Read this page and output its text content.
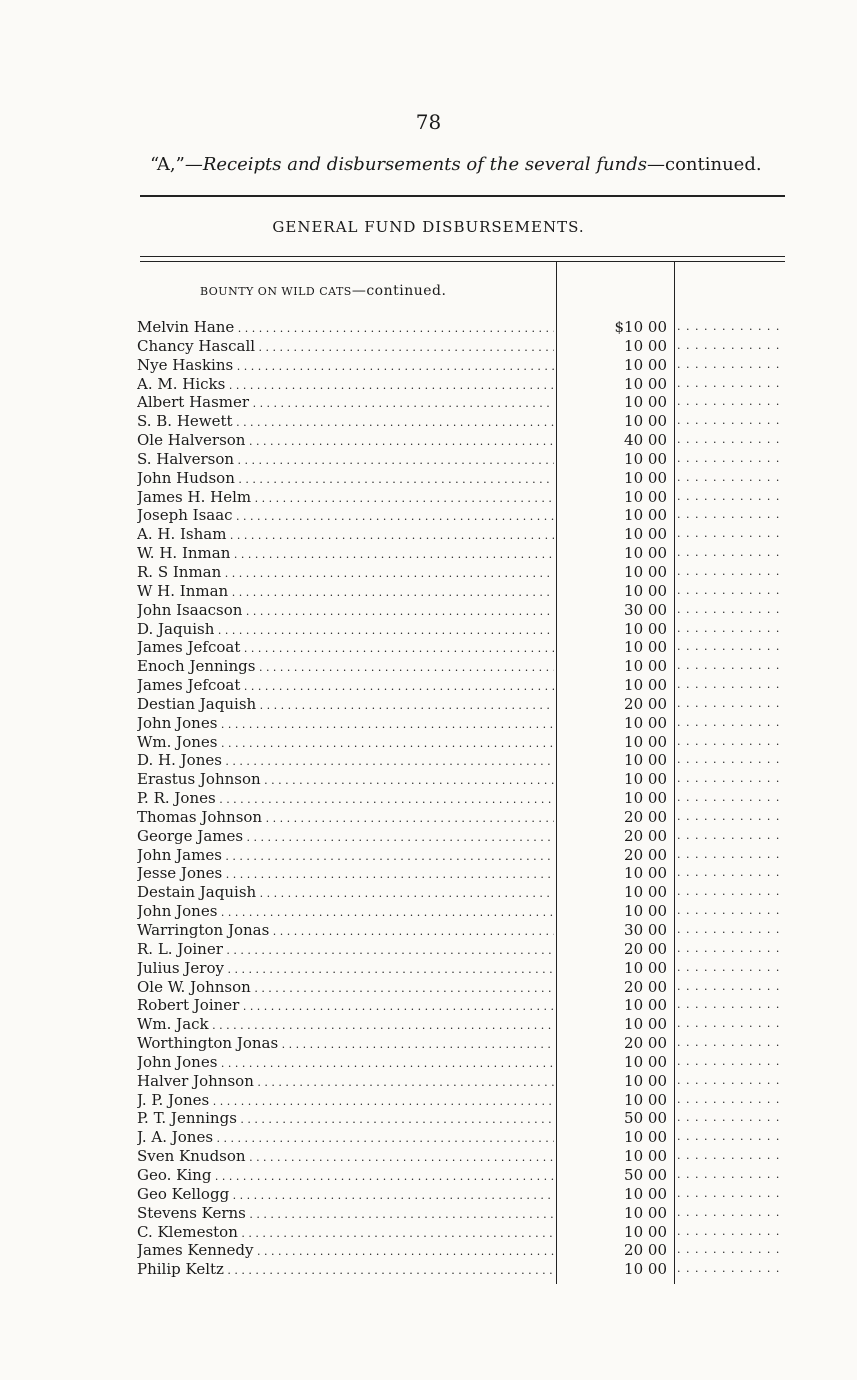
78
“A,”—Receipts and disbursements of the several funds—continued.
GENERAL FUND DISBURSEMENTS.
BOUNTY ON WILD CATS—continued.
Melvin Hane . . .	$10 00 . . . . . . . . . . . .
Chancy Hascall . . .	10 00 . . . . . . . . . . . .
Nye Haskins . . .	10 00 . . . . . . . . . . . .
A. M. Hicks . . .	10 00 . . . . . . . . . . . .
Albert Hasmer . . .	10 00 . . . . . . . . . . . .
S. B. Hewett . . .	10 00 . . . . . . . . . . . .
Ole Halverson . . .	40 00 . . . . . . . . . . . .
S. Halverson . . .	10 00 . . . . . . . . . . . .
John Hudson . . .	10 00 . . . . . . . . . . . .
James H. Helm . . .	10 00 . . . . . . . . . . . .
Joseph Isaac . . .	10 00 . . . . . . . . . . . .
A. H. Isham . . .	10 00 . . . . . . . . . . . .
W. H. Inman . . .	10 00 . . . . . . . . . . . .
R. S Inman . . .	10 00 . . . . . . . . . . . .
W H. Inman . . .	10 00 . . . . . . . . . . . .
John Isaacson . . .	30 00 . . . . . . . . . . . .
D. Jaquish . . .	10 00 . . . . . . . . . . . .
James Jefcoat . . .	10 00 . . . . . . . . . . . .
Enoch Jennings . . .	10 00 . . . . . . . . . . . .
James Jefcoat . . .	10 00 . . . . . . . . . . . .
Destian Jaquish . . .	20 00 . . . . . . . . . . . .
John Jones . . .	10 00 . . . . . . . . . . . .
Wm. Jones . . .	10 00 . . . . . . . . . . . .
D. H. Jones . . .	10 00 . . . . . . . . . . . .
Erastus Johnson . . .	10 00 . . . . . . . . . . . .
P. R. Jones . . .	10 00 . . . . . . . . . . . .
Thomas Johnson . . .	20 00 . . . . . . . . . . . .
George James . . .	20 00 . . . . . . . . . . . .
John James . . .	20 00 . . . . . . . . . . . .
Jesse Jones . . .	10 00 . . . . . . . . . . . .
Destain Jaquish . . .	10 00 . . . . . . . . . . . .
John Jones . . .	10 00 . . . . . . . . . . . .
Warrington Jonas . . .	30 00 . . . . . . . . . . . .
R. L. Joiner . . .	20 00 . . . . . . . . . . . .
Julius Jeroy . . .	10 00 . . . . . . . . . . . .
Ole W. Johnson . . .	20 00 . . . . . . . . . . . .
Robert Joiner . . .	10 00 . . . . . . . . . . . .
Wm. Jack . . .	10 00 . . . . . . . . . . . .
Worthington Jonas . . .	20 00 . . . . . . . . . . . .
John Jones . . .	10 00 . . . . . . . . . . . .
Halver Johnson . . .	10 00 . . . . . . . . . . . .
J. P. Jones . . .	10 00 . . . . . . . . . . . .
P. T. Jennings . . .	50 00 . . . . . . . . . . . .
J. A. Jones . . .	10 00 . . . . . . . . . . . .
Sven Knudson . . .	10 00 . . . . . . . . . . . .
Geo. King . . .	50 00 . . . . . . . . . . . .
Geo Kellogg . . .	10 00 . . . . . . . . . . . .
Stevens Kerns . . .	10 00 . . . . . . . . . . . .
C. Klemeston . . .	10 00 . . . . . . . . . . . .
James Kennedy . . .	20 00 . . . . . . . . . . . .
Philip Keltz . . .	10 00 . . . . . . . . . . . .
